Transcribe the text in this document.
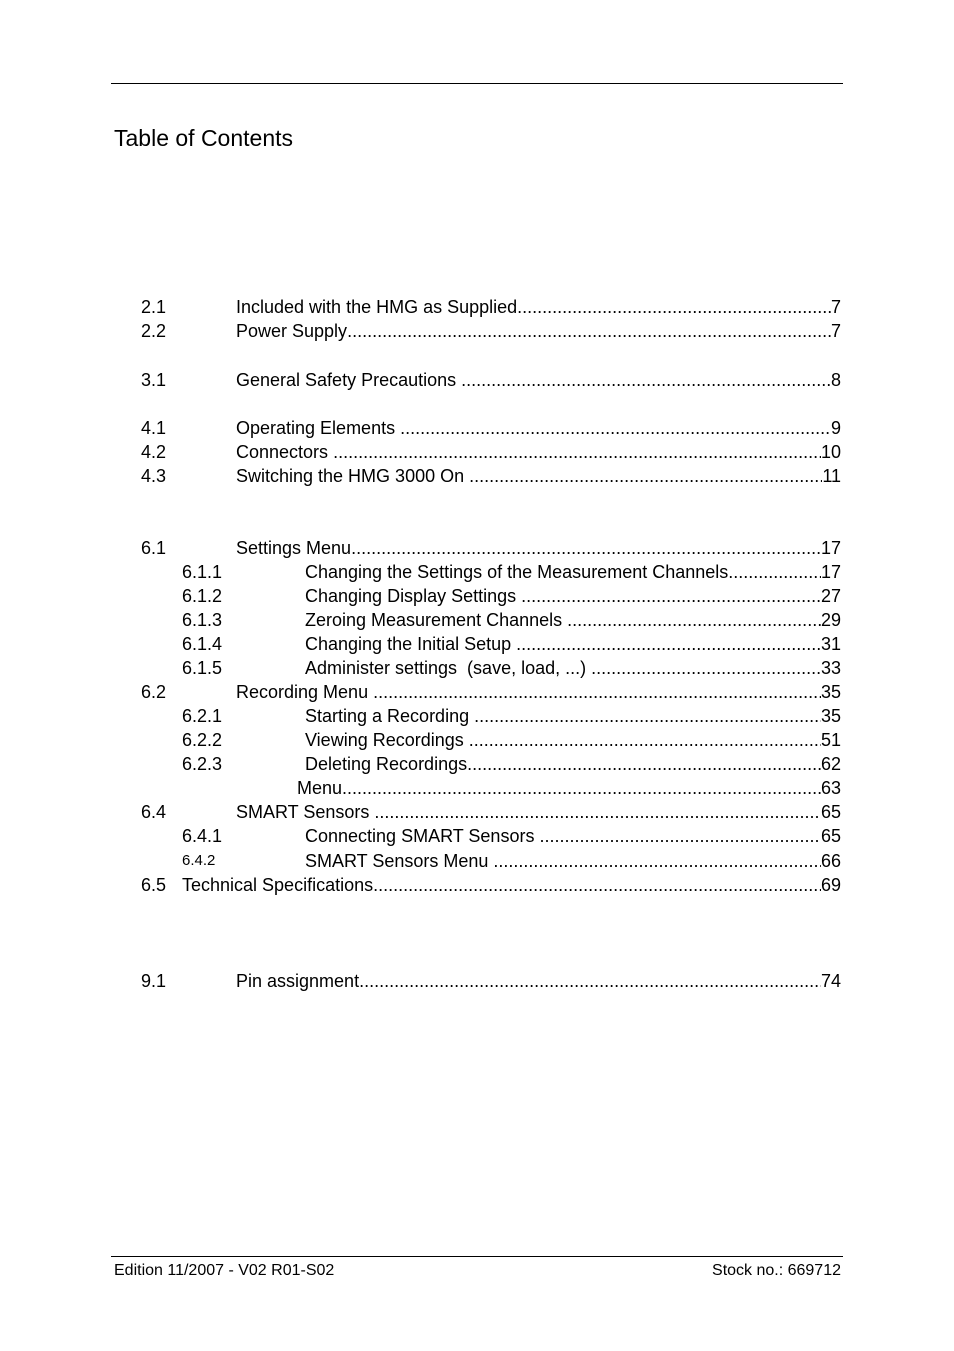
Table of Contents
2.1	Included with the HMG as Supplied .....	7
2.2	Power Supply .....	7
3.1	General Safety Precautions .....	8
4.1	Operating Elements .....	9
4.2	Connectors .....	10
4.3	Switching the HMG 3000 On .....	11
6.1	Settings Menu .....	17
6.1.1	Changing the Settings of the Measurement Channels .....	17
6.1.2	Changing Display Settings .....	27
6.1.3	Zeroing Measurement Channels .....	29
6.1.4	Changing the Initial Setup .....	31
6.1.5	Administer settings  (save, load, ...) .....	33
6.2	Recording Menu .....	35
6.2.1	Starting a Recording .....	35
6.2.2	Viewing Recordings .....	51
6.2.3	Deleting Recordings .....	62
Menu .....	63
6.4	SMART Sensors .....	65
6.4.1	Connecting SMART Sensors .....	65
6.4.2	SMART Sensors Menu .....	66
6.5 Technical Specifications .....	69
9.1	Pin assignment .....	74
Edition 11/2007 - V02 R01-S02	Stock no.: 669712
